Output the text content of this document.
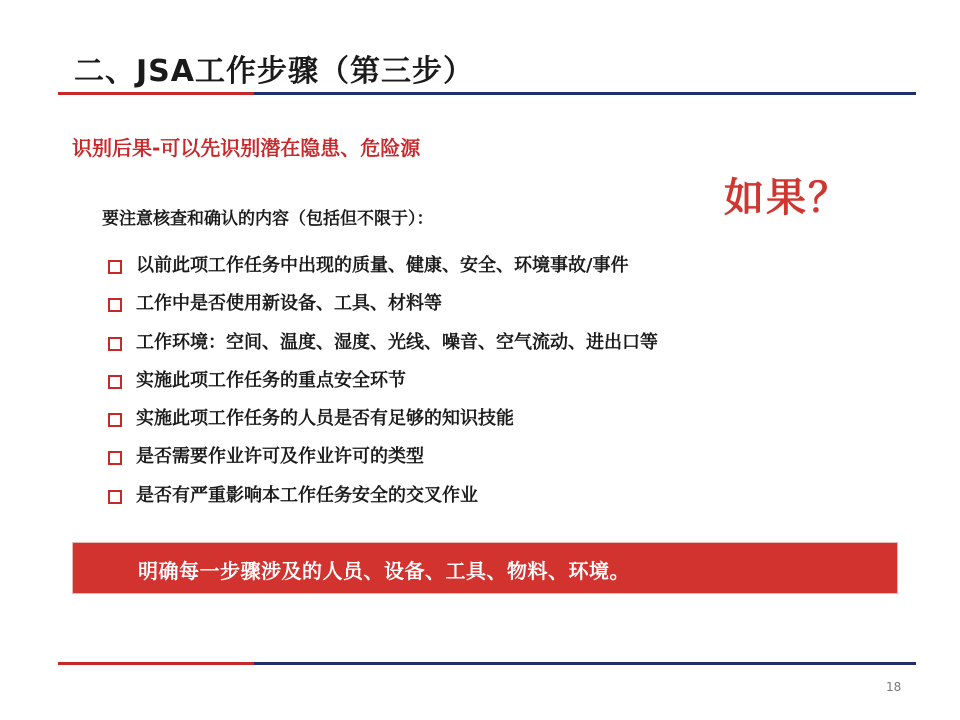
二、JSA工作步骤（第三步）
识别后果-可以先识别潜在隐患、危险源
如果？
要注意核查和确认的内容（包括但不限于）：
以前此项工作任务中出现的质量、健康、安全、环境事故/事件
工作中是否使用新设备、工具、材料等
工作环境：空间、温度、湿度、光线、噪音、空气流动、进出口等
实施此项工作任务的重点安全环节
实施此项工作任务的人员是否有足够的知识技能
是否需要作业许可及作业许可的类型
是否有严重影响本工作任务安全的交叉作业
明确每一步骤涉及的人员、设备、工具、物料、环境。
18
